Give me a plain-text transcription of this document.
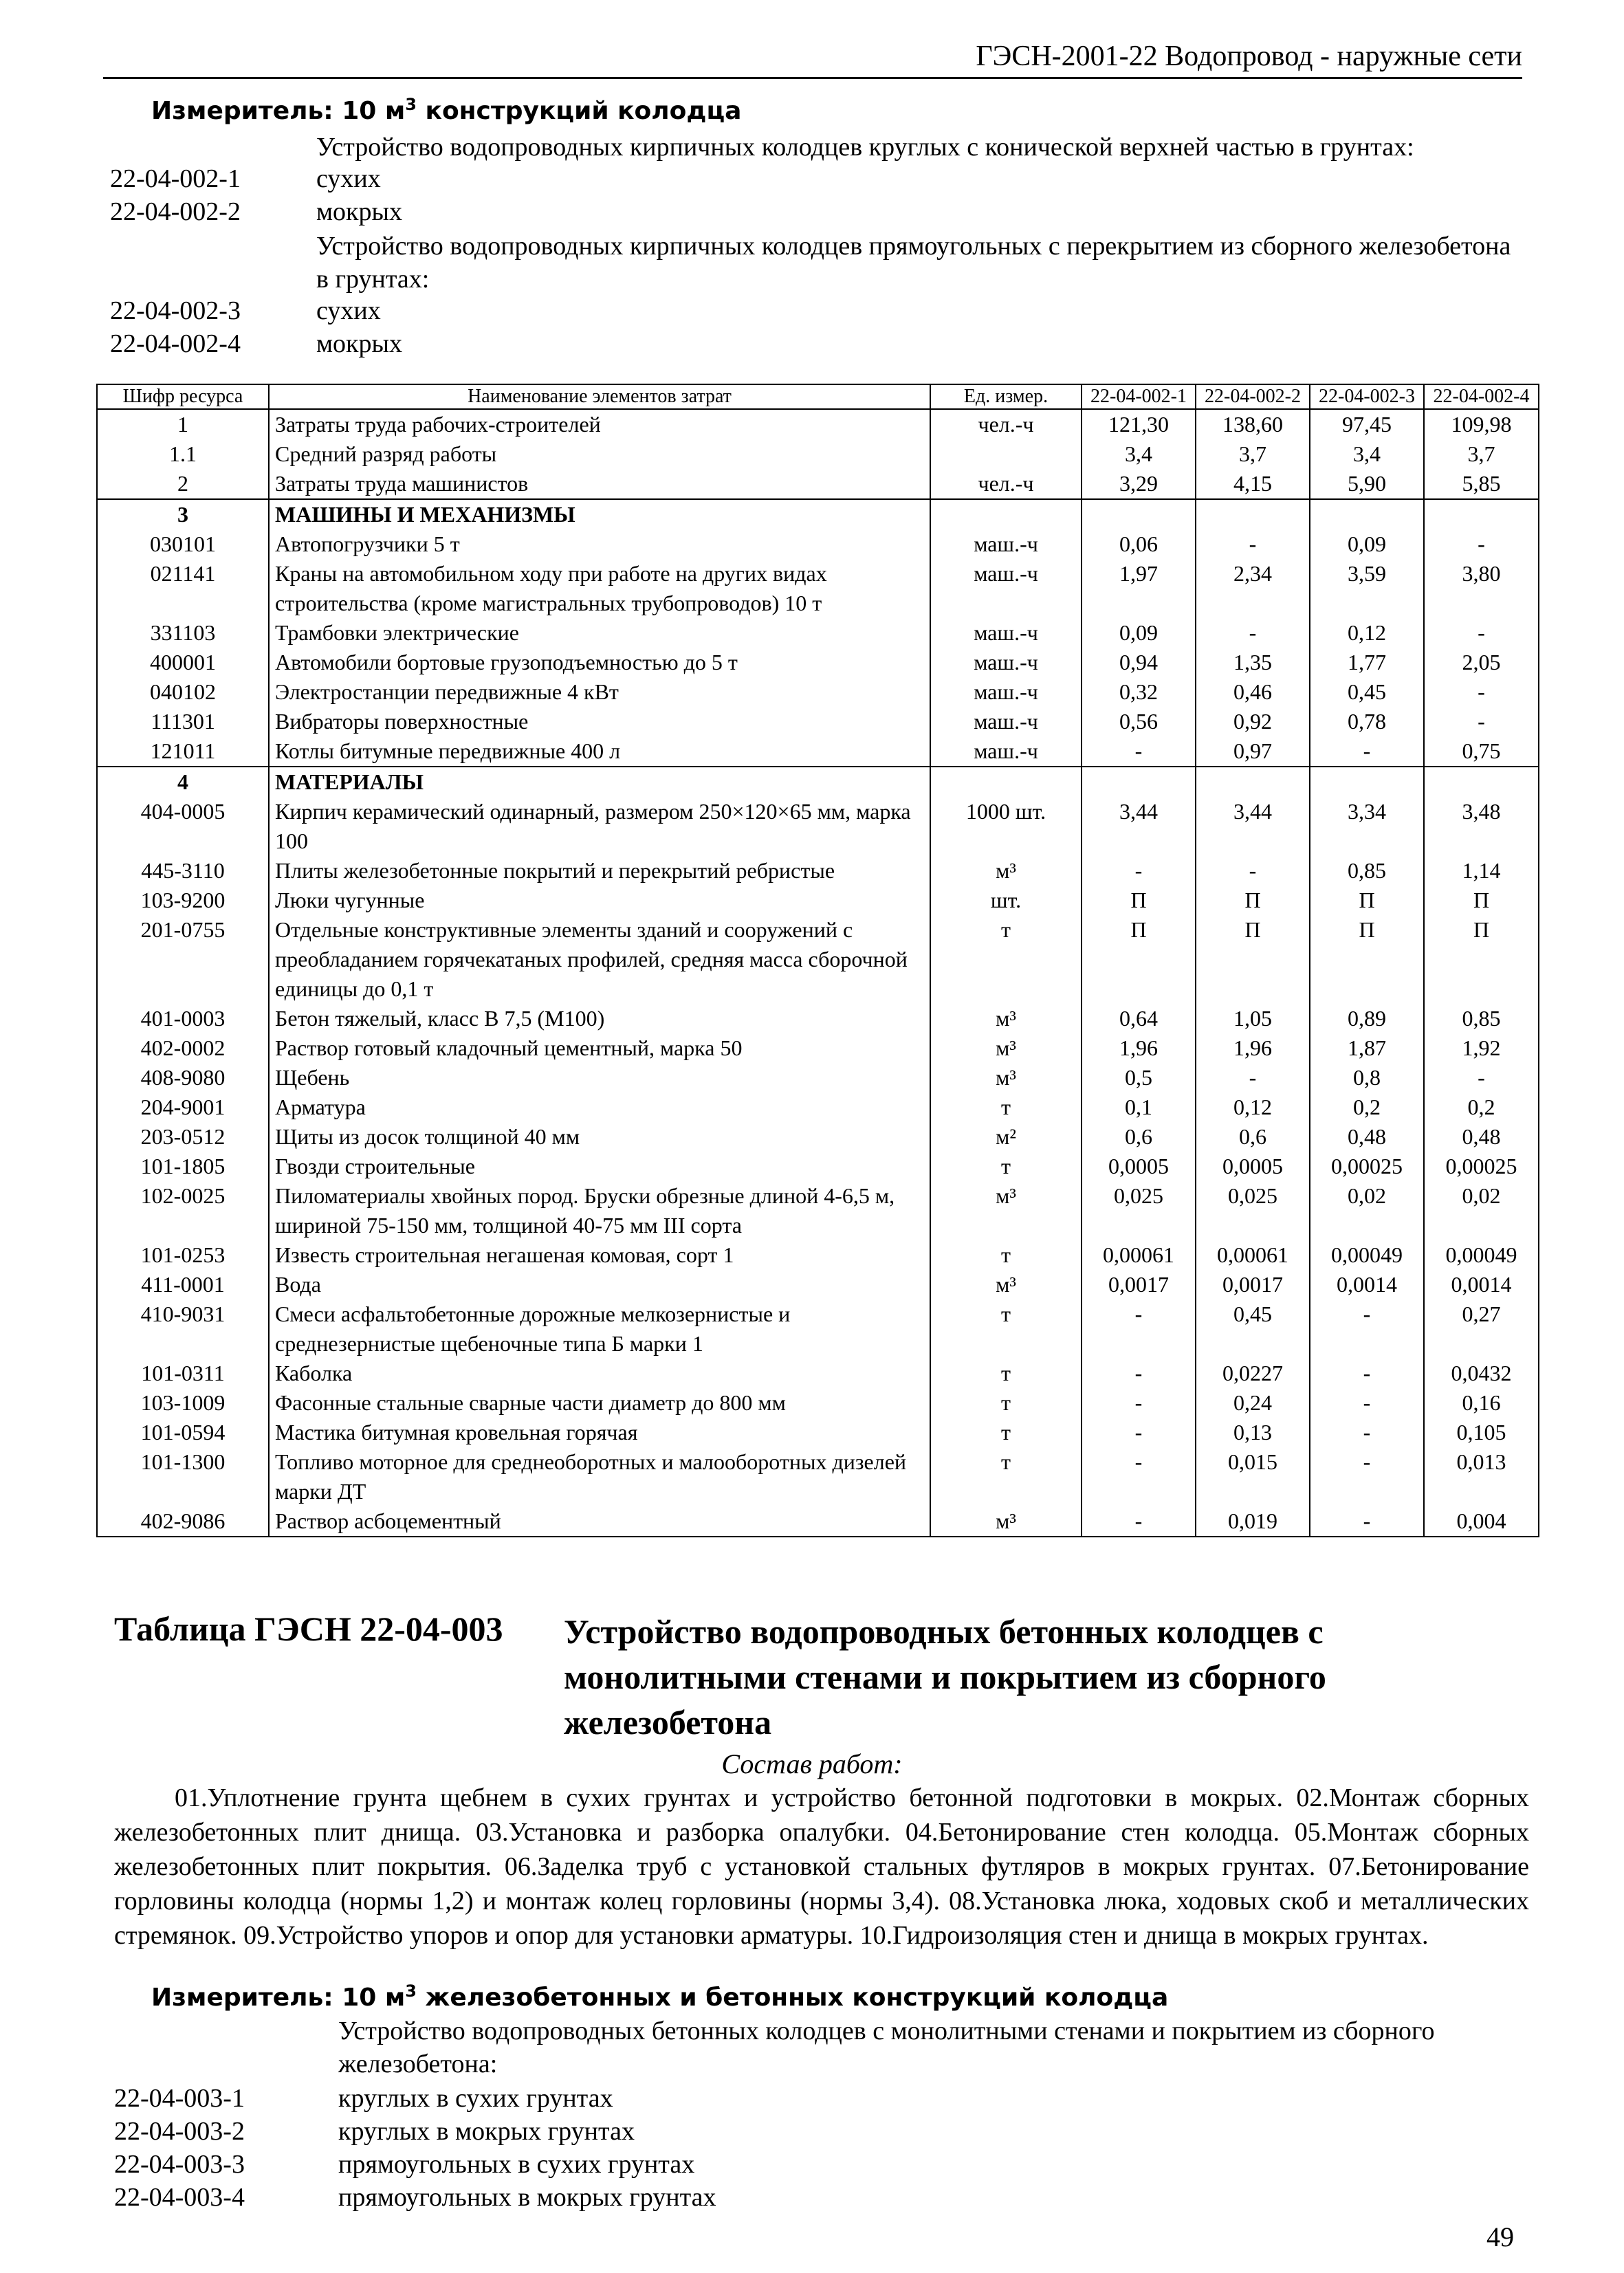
ГЭСН-2001-22 Водопровод - наружные сети
Измеритель: 10 $м^3$ конструкций колодца
Устройство водопроводных кирпичных колодцев круглых с конической верхней частью в грунтах:
22-04-002-1	сухих
22-04-002-2	мокрых
Устройство водопроводных кирпичных колодцев прямоугольных с перекрытием из сборного железобетона в грунтах:
22-04-002-3	сухих
22-04-002-4	мокрых
Шифр ресурса	Наименование элементов затрат	Ед. измер.	22-04-002-1	22-04-002-2	22-04-002-3	22-04-002-4
1	Затраты труда рабочих-строителей	чел.-ч	121,30	138,60	97,45	109,98
1.1	Средний разряд работы		3,4	3,7	3,4	3,7
2	Затраты труда машинистов	чел.-ч	3,29	4,15	5,90	5,85
3	МАШИНЫ И МЕХАНИЗМЫ					
030101	Автопогрузчики 5 т	маш.-ч	0,06	-	0,09	-
021141	Краны на автомобильном ходу при работе на других видах строительства (кроме магистральных трубопроводов) 10 т	маш.-ч	1,97	2,34	3,59	3,80
331103	Трамбовки электрические	маш.-ч	0,09	-	0,12	-
400001	Автомобили бортовые грузоподъемностью до 5 т	маш.-ч	0,94	1,35	1,77	2,05
040102	Электростанции передвижные 4 кВт	маш.-ч	0,32	0,46	0,45	-
111301	Вибраторы поверхностные	маш.-ч	0,56	0,92	0,78	-
121011	Котлы битумные передвижные 400 л	маш.-ч	-	0,97	-	0,75
4	МАТЕРИАЛЫ					
404-0005	Кирпич керамический одинарный, размером 250×120×65 мм, марка 100	1000 шт.	3,44	3,44	3,34	3,48
445-3110	Плиты железобетонные покрытий и перекрытий ребристые	м³	-	-	0,85	1,14
103-9200	Люки чугунные	шт.	П	П	П	П
201-0755	Отдельные конструктивные элементы зданий и сооружений с преобладанием горячекатаных профилей, средняя масса сборочной единицы до 0,1 т	т	П	П	П	П
401-0003	Бетон тяжелый, класс В 7,5 (М100)	м³	0,64	1,05	0,89	0,85
402-0002	Раствор готовый кладочный цементный, марка 50	м³	1,96	1,96	1,87	1,92
408-9080	Щебень	м³	0,5	-	0,8	-
204-9001	Арматура	т	0,1	0,12	0,2	0,2
203-0512	Щиты из досок толщиной 40 мм	м²	0,6	0,6	0,48	0,48
101-1805	Гвозди строительные	т	0,0005	0,0005	0,00025	0,00025
102-0025	Пиломатериалы хвойных пород. Бруски обрезные длиной 4-6,5 м, шириной 75-150 мм, толщиной 40-75 мм III сорта	м³	0,025	0,025	0,02	0,02
101-0253	Известь строительная негашеная комовая, сорт 1	т	0,00061	0,00061	0,00049	0,00049
411-0001	Вода	м³	0,0017	0,0017	0,0014	0,0014
410-9031	Смеси асфальтобетонные дорожные мелкозернистые и среднезернистые щебеночные типа Б марки 1	т	-	0,45	-	0,27
101-0311	Каболка	т	-	0,0227	-	0,0432
103-1009	Фасонные стальные сварные части диаметр до 800 мм	т	-	0,24	-	0,16
101-0594	Мастика битумная кровельная горячая	т	-	0,13	-	0,105
101-1300	Топливо моторное для среднеоборотных и малооборотных дизелей марки ДТ	т	-	0,015	-	0,013
402-9086	Раствор асбоцементный	м³	-	0,019	-	0,004
Таблица ГЭСН 22-04-003 Устройство водопроводных бетонных колодцев с монолитными стенами и покрытием из сборного железобетона
Состав работ:
01.Уплотнение грунта щебнем в сухих грунтах и устройство бетонной подготовки в мокрых. 02.Монтаж сборных железобетонных плит днища. 03.Установка и разборка опалубки. 04.Бетонирование стен колодца. 05.Монтаж сборных железобетонных плит покрытия. 06.Заделка труб с установкой стальных футляров в мокрых грунтах. 07.Бетонирование горловины колодца (нормы 1,2) и монтаж колец горловины (нормы 3,4). 08.Установка люка, ходовых скоб и металлических стремянок. 09.Устройство упоров и опор для установки арматуры. 10.Гидроизоляция стен и днища в мокрых грунтах.
Измеритель: 10 $м^3$ железобетонных и бетонных конструкций колодца
Устройство водопроводных бетонных колодцев с монолитными стенами и покрытием из сборного железобетона:
22-04-003-1	круглых в сухих грунтах
22-04-003-2	круглых в мокрых грунтах
22-04-003-3	прямоугольных в сухих грунтах
22-04-003-4	прямоугольных в мокрых грунтах
49
